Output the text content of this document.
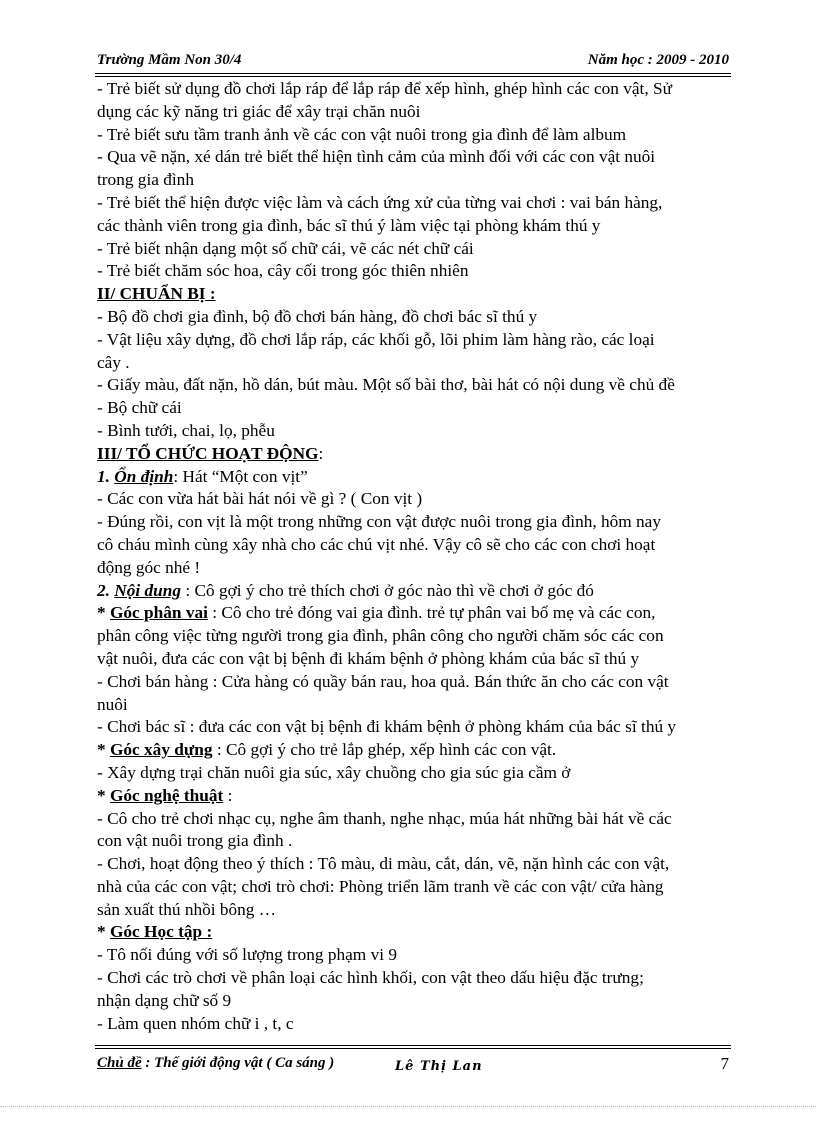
Trường Mầm Non 30/4	Năm học : 2009 - 2010
- Trẻ biết sử dụng đồ chơi lắp ráp để lắp ráp để xếp hình, ghép hình các con vật, Sử
dụng các kỹ năng tri giác để xây trại chăn nuôi
- Trẻ biết sưu tầm tranh ảnh về các con vật nuôi trong gia đình để làm album
- Qua vẽ nặn, xé dán trẻ biết thể hiện tình cảm của mình đối với các con vật nuôi
trong gia đình
- Trẻ biết thể hiện được việc làm và cách ứng xử của từng vai chơi : vai bán hàng,
các thành viên trong gia đình, bác sĩ thú ý làm việc tại phòng khám thú y
- Trẻ biết nhận dạng một số chữ cái, vẽ các nét chữ cái
- Trẻ biết chăm sóc hoa, cây cối trong góc thiên nhiên
II/ CHUẨN BỊ :
- Bộ đồ chơi gia đình, bộ đồ chơi bán hàng, đồ chơi bác sĩ thú y
- Vật liệu xây dựng, đồ chơi lắp ráp, các khối gỗ, lõi phim làm hàng rào, các loại
cây .
- Giấy màu, đất nặn, hồ dán, bút màu. Một số bài thơ, bài hát có nội dung về chủ đề
- Bộ chữ cái
- Bình tưới, chai, lọ, phễu
III/ TỔ CHỨC HOẠT ĐỘNG:
1. Ổn định: Hát “Một con vịt”
- Các con vừa hát bài hát nói về gì ? ( Con vịt )
- Đúng rồi, con vịt là một trong những con vật được nuôi trong gia đình, hôm nay
cô cháu mình cùng xây nhà cho các chú vịt nhé. Vậy cô sẽ cho các con chơi hoạt
động góc nhé !
2. Nội dung : Cô gợi ý cho trẻ thích chơi ở góc nào thì về chơi ở góc đó
* Góc phân vai : Cô cho trẻ đóng vai gia đình. trẻ tự phân vai bố mẹ và các con,
phân công việc từng người trong gia đình, phân công cho người chăm sóc các con
vật nuôi, đưa các con vật bị bệnh đi khám bệnh ở phòng khám của bác sĩ thú y
- Chơi bán hàng : Cửa hàng có quầy bán rau, hoa quả. Bán thức ăn cho các con vật
nuôi
- Chơi bác sĩ : đưa các con vật bị bệnh đi khám bệnh ở phòng khám của bác sĩ thú y
* Góc xây dựng : Cô gợi ý cho trẻ lắp ghép, xếp hình các con vật.
- Xây dựng trại chăn nuôi gia súc, xây chuồng cho gia súc gia cầm ở
* Góc nghệ thuật :
- Cô cho trẻ chơi nhạc cụ, nghe âm thanh, nghe nhạc, múa hát những bài hát về các
con vật nuôi trong gia đình .
- Chơi, hoạt động theo ý thích : Tô màu, di màu, cắt, dán, vẽ, nặn hình các con vật,
nhà của các con vật; chơi trò chơi: Phòng triển lãm tranh về các con vật/ cửa hàng
sản xuất thú nhồi bông …
* Góc Học tập :
- Tô nối đúng với số lượng trong phạm vi 9
- Chơi các trò chơi về phân loại các hình khối, con vật theo dấu hiệu đặc trưng;
nhận dạng chữ số 9
- Làm quen nhóm chữ i , t, c
Chủ đề : Thế giới động vật ( Ca sáng )	Lê Thị Lan	7
